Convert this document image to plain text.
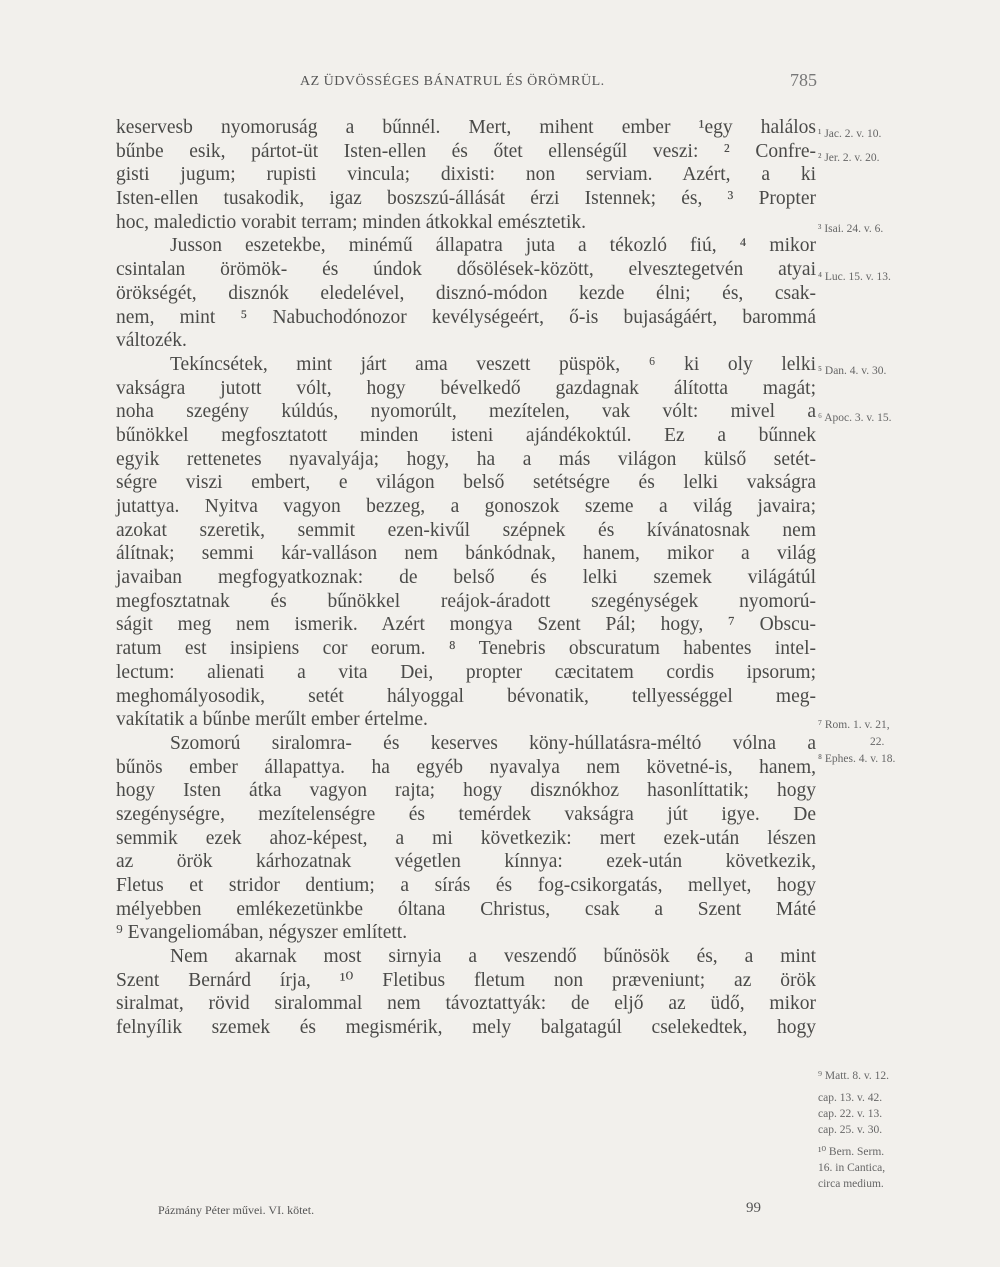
AZ ÜDVÖSSÉGES BÁNATRUL ÉS ÖRÖMRÜL.	785
keservesb nyomoruság a bűnnél. Mert, mihent ember ¹egy halálos
bűnbe esik, pártot-üt Isten-ellen és őtet ellenségűl veszi: ² Confre-
gisti jugum; rupisti vincula; dixisti: non serviam. Azért, a ki
Isten-ellen tusakodik, igaz boszszú-állását érzi Istennek; és, ³ Propter
hoc, maledictio vorabit terram; minden átkokkal emésztetik.
Jusson eszetekbe, minémű állapatra juta a tékozló fiú, ⁴ mikor
csintalan örömök- és úndok dősölések-között, elvesztegetvén atyai
örökségét, disznók eledelével, disznó-módon kezde élni; és, csak-
nem, mint ⁵ Nabuchodónozor kevélységeért, ő-is bujaságáért, barommá
változék.
Tekíncsétek, mint járt ama veszett püspök, ⁶ ki oly lelki
vakságra jutott vólt, hogy bévelkedő gazdagnak álította magát;
noha szegény kúldús, nyomorúlt, mezítelen, vak vólt: mivel a
bűnökkel megfosztatott minden isteni ajándékoktúl. Ez a bűnnek
egyik rettenetes nyavalyája; hogy, ha a más világon külső setét-
ségre viszi embert, e világon belső setétségre és lelki vakságra
jutattya. Nyitva vagyon bezzeg, a gonoszok szeme a világ javaira;
azokat szeretik, semmit ezen-kivűl szépnek és kívánatosnak nem
álítnak; semmi kár-valláson nem bánkódnak, hanem, mikor a világ
javaiban megfogyatkoznak: de belső és lelki szemek világátúl
megfosztatnak és bűnökkel reájok-áradott szegénységek nyomorú-
ságit meg nem ismerik. Azért mongya Szent Pál; hogy, ⁷ Obscu-
ratum est insipiens cor eorum. ⁸ Tenebris obscuratum habentes intel-
lectum: alienati a vita Dei, propter cæcitatem cordis ipsorum;
meghomályosodik, setét hályoggal bévonatik, tellyességgel meg-
vakítatik a bűnbe merűlt ember értelme.
Szomorú siralomra- és keserves köny-húllatásra-méltó vólna a
bűnös ember állapattya. ha egyéb nyavalya nem követné-is, hanem,
hogy Isten átka vagyon rajta; hogy disznókhoz hasonlíttatik; hogy
szegénységre, mezítelenségre és temérdek vakságra jút igye. De
semmik ezek ahoz-képest, a mi következik: mert ezek-után lészen
az örök kárhozatnak végetlen kínnya: ezek-után következik,
Fletus et stridor dentium; a sírás és fog-csikorgatás, mellyet, hogy
mélyebben emlékezetünkbe óltana Christus, csak a Szent Máté
⁹ Evangeliomában, négyszer említett.
Nem akarnak most sirnyia a veszendő bűnösök és, a mint
Szent Bernárd írja, ¹⁰ Fletibus fletum non præveniunt; az örök
siralmat, rövid siralommal nem távoztattyák: de eljő az üdő, mikor
felnyílik szemek és megismérik, mely balgatagúl cselekedtek, hogy
¹ Jac. 2. v. 10.
² Jer. 2. v. 20.
³ Isai. 24. v. 6.
⁴ Luc. 15. v. 13.
⁵ Dan. 4. v. 30.
⁶ Apoc. 3. v. 15.
⁷ Rom. 1. v. 21,
22.
⁸ Ephes. 4. v. 18.
⁹ Matt. 8. v. 12.
cap. 13. v. 42.
cap. 22. v. 13.
cap. 25. v. 30.
¹⁰ Bern. Serm.
16. in Cantica,
circa medium.
Pázmány Péter művei. VI. kötet.	99
